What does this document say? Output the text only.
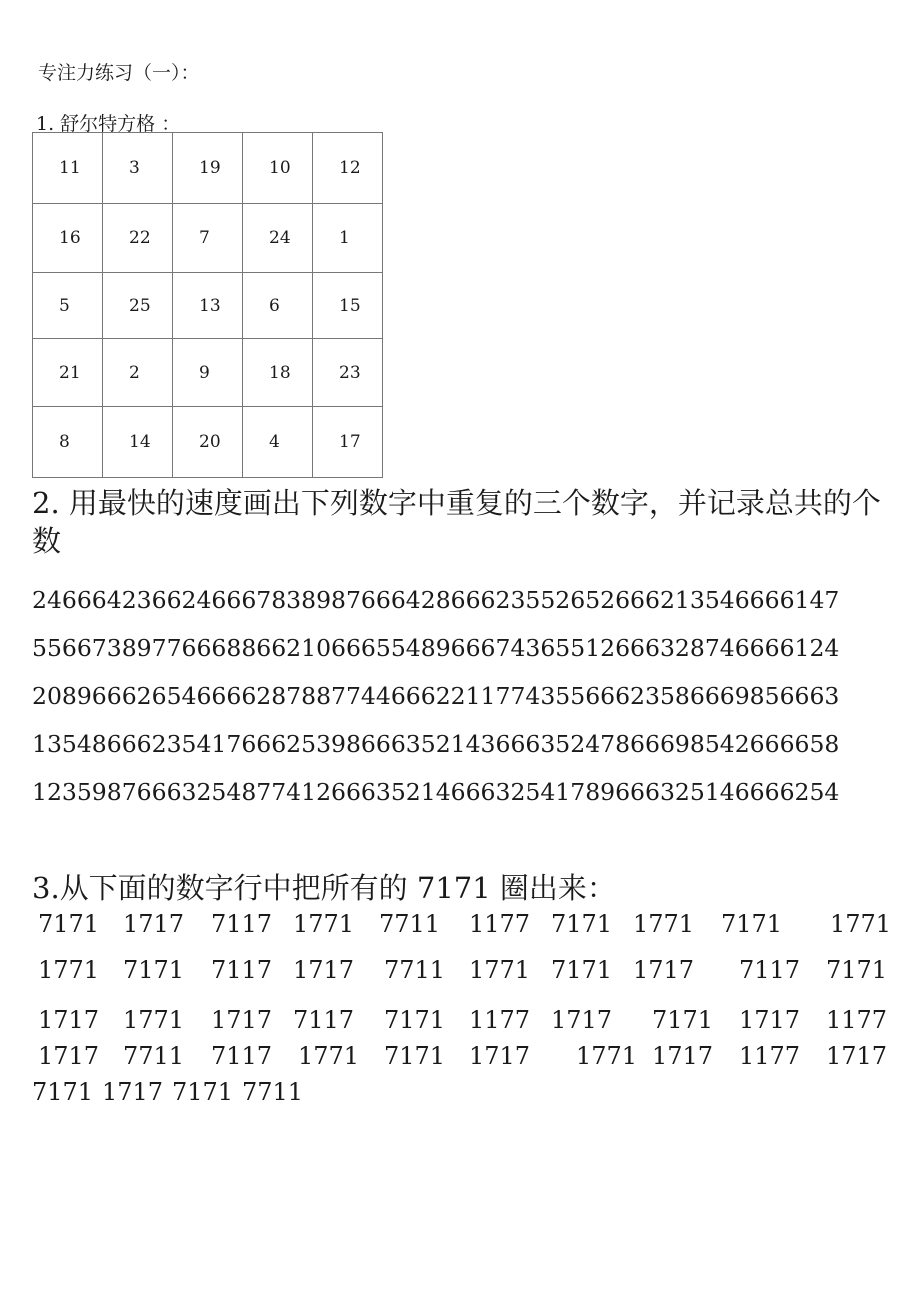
专注力练习（一）：
1. 舒尔特方格 ：
11	3	19	10	12

16	22	7	24	1

5	25	13	6	15

21	2	9	18	23

8	14	20	4	17
2. 用最快的速度画出下列数字中重复的三个数字，并记录总共的个数
246664236624666783898766642866623552652666213546666147
556673897766688662106665548966674365512666328746666124
208966626546666287887744666221177435566623586669856663
135486662354176662539866635214366635247866698542666658
123598766632548774126663521466632541789666325146666254
3.从下面的数字行中把所有的 7171 圈出来：
7171 1717 7117 1771 7711 1177 7171 1771 7171 1771
1771 7171 7117 1717 7711 1771 7171 1717 7117 7171
1717 1771 1717 7117 7171 1177 1717 7171 1717 1177
1717 7711 7117 1771 7171 1717 1771 1717 1177 1717
7171 1717 7171 7711
